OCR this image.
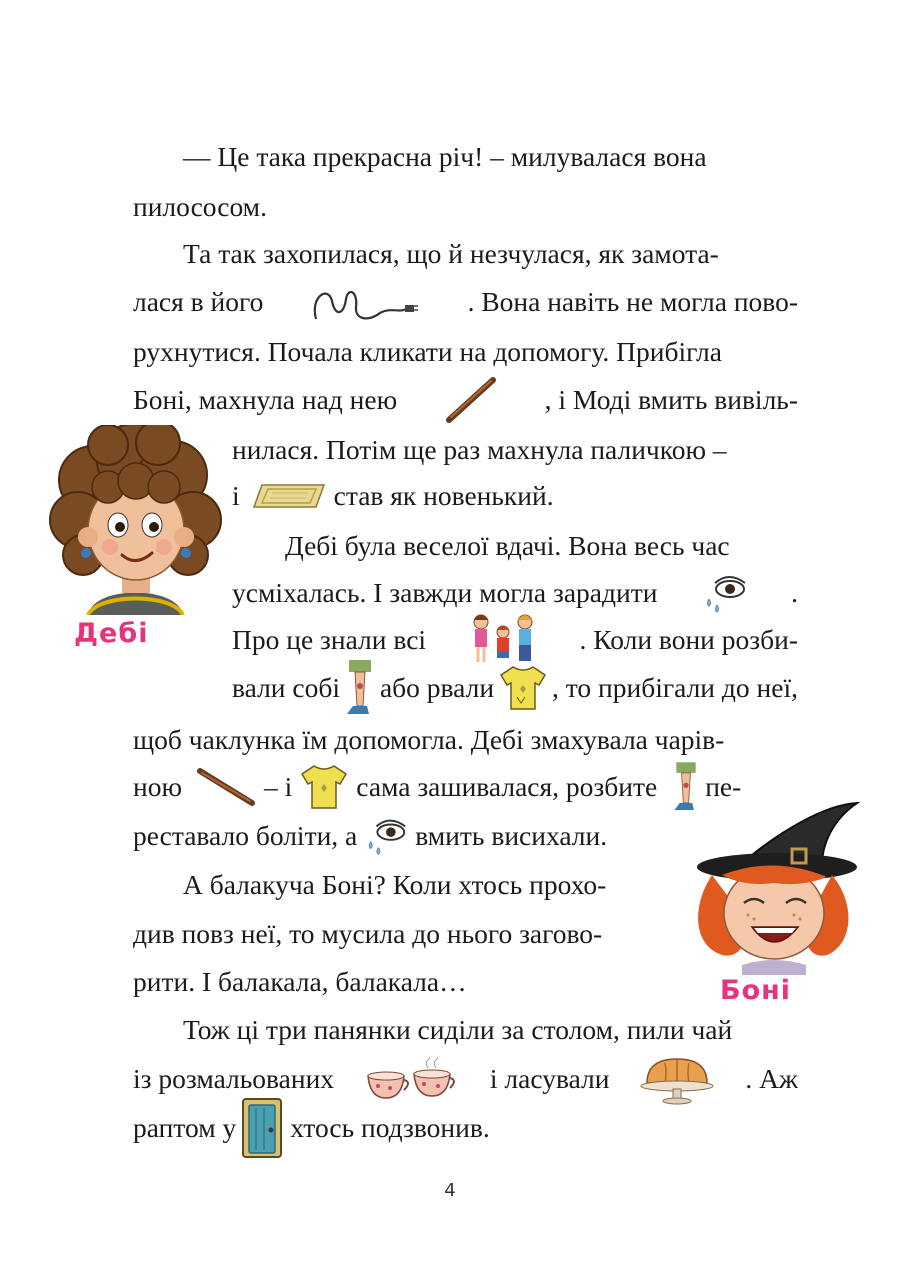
— Це така прекрасна річ! – милувалася вона
пилососом.
Та так захопилася, що й незчулася, як замота-
лася в його	. Вона навіть не могла пово-
рухнутися. Почала кликати на допомогу. Прибігла
Боні, махнула над нею	, і Моді вмить вивіль-
Дебі
нилася. Потім ще раз махнула паличкою –
і	став як новенький.
Дебі була веселої вдачі. Вона весь час
усміхалась. І завжди могла зарадити	.
Про це знали всі	. Коли вони розби-
вали собі або рвали , то прибігали до неї,
щоб чаклунка їм допомогла. Дебі змахувала чарів-
ною	– і сама зашивалася, розбите пе-
реставало боліти, а вмить висихали.
Боні
А балакуча Боні? Коли хтось прохо-
див повз неї, то мусила до нього загово-
рити. І балакала, балакала…
Тож ці три панянки сиділи за столом, пили чай
із розмальованих	і ласували	. Аж
раптом у хтось подзвонив.
4
